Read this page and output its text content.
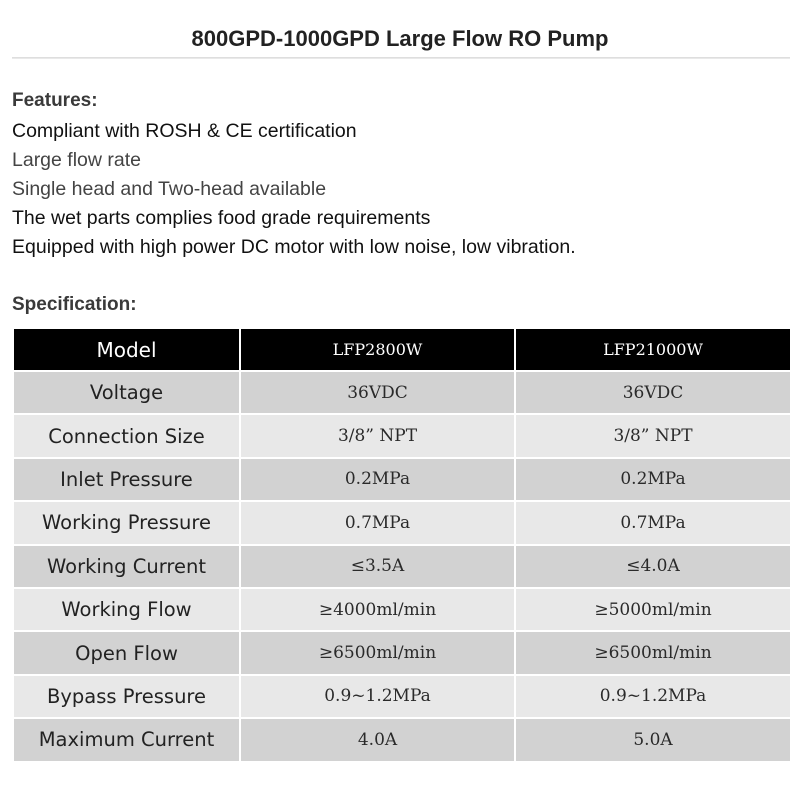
800GPD-1000GPD Large Flow RO Pump
Features:
Compliant with ROSH & CE certification
Large flow rate
Single head and Two-head available
The wet parts complies food grade requirements
Equipped with high power DC motor with low noise, low vibration.
Specification:
Model	LFP2800W	LFP21000W
Voltage	36VDC	36VDC
Connection Size	3/8” NPT	3/8” NPT
Inlet Pressure	0.2MPa	0.2MPa
Working Pressure	0.7MPa	0.7MPa
Working Current	≤3.5A	≤4.0A
Working Flow	≥4000ml/min	≥5000ml/min
Open Flow	≥6500ml/min	≥6500ml/min
Bypass Pressure	0.9~1.2MPa	0.9~1.2MPa
Maximum Current	4.0A	5.0A
